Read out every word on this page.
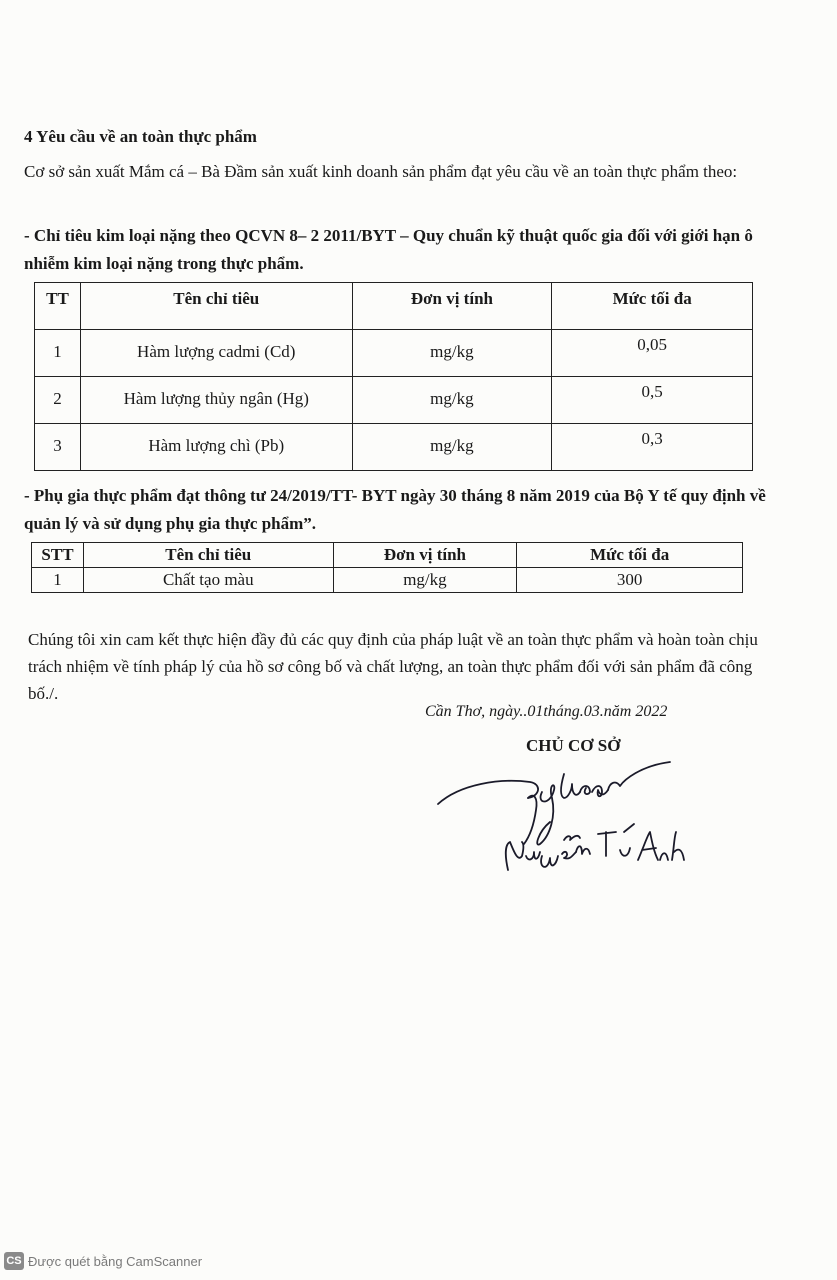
4 Yêu cầu về an toàn thực phẩm
Cơ sở sản xuất Mắm cá – Bà Đầm sản xuất kinh doanh sản phẩm đạt yêu cầu về an toàn thực phẩm theo:
- Chỉ tiêu kim loại nặng theo QCVN 8– 2 2011/BYT – Quy chuẩn kỹ thuật quốc gia đối với giới hạn ô nhiễm kim loại nặng trong thực phẩm.
TT	Tên chỉ tiêu	Đơn vị tính	Mức tối đa
1	Hàm lượng cadmi (Cd)	mg/kg	0,05
2	Hàm lượng thủy ngân (Hg)	mg/kg	0,5
3	Hàm lượng chì (Pb)	mg/kg	0,3
- Phụ gia thực phẩm đạt thông tư 24/2019/TT- BYT ngày 30 tháng 8 năm 2019 của Bộ Y tế quy định về quản lý và sử dụng phụ gia thực phẩm”.
STT	Tên chỉ tiêu	Đơn vị tính	Mức tối đa
1	Chất tạo màu	mg/kg	300
Chúng tôi xin cam kết thực hiện đầy đủ các quy định của pháp luật về an toàn thực phẩm và hoàn toàn chịu trách nhiệm về tính pháp lý của hồ sơ công bố và chất lượng, an toàn thực phẩm đối với sản phẩm đã công bố./.
Cần Thơ, ngày..01tháng.03.năm 2022
CHỦ CƠ SỞ
CS Được quét bằng CamScanner
